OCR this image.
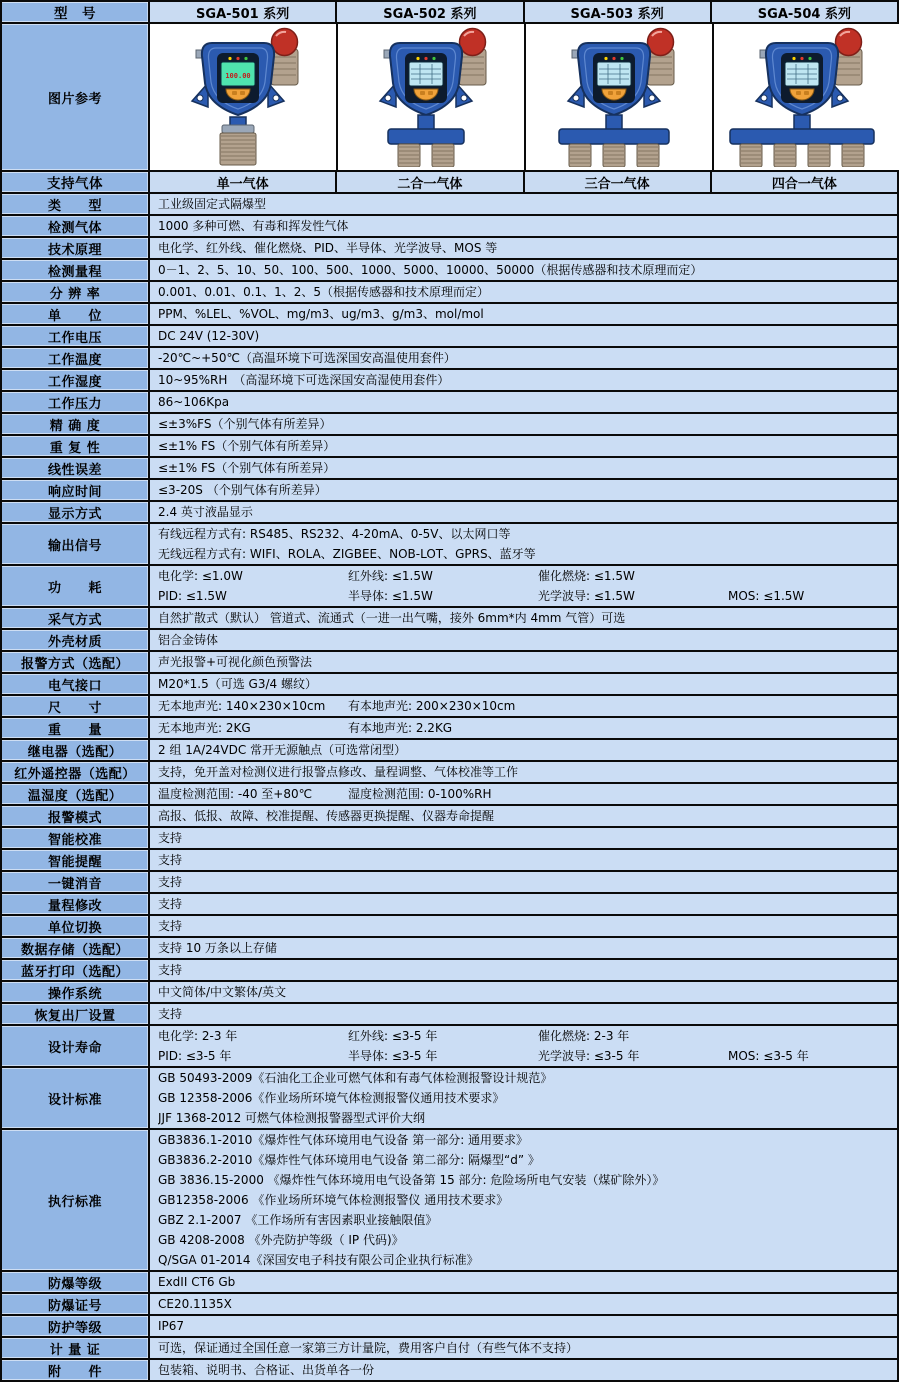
型　号	SGA-501 系列	SGA-502 系列	SGA-503 系列	SGA-504 系列
图片参考
100.00
支持气体	单一气体	二合一气体	三合一气体	四合一气体
类　　型	工业级固定式隔爆型
检测气体	1000 多种可燃、有毒和挥发性气体
技术原理	电化学、红外线、催化燃烧、PID、半导体、光学波导、MOS 等
检测量程	0－1、2、5、10、50、100、500、1000、5000、10000、50000（根据传感器和技术原理而定）
分 辨 率	0.001、0.01、0.1、1、2、5（根据传感器和技术原理而定）
单　　位	PPM、%LEL、%VOL、mg/m3、ug/m3、g/m3、mol/mol
工作电压	DC 24V (12-30V)
工作温度	-20℃~+50℃（高温环境下可选深国安高温使用套件）
工作湿度	10~95%RH　（高湿环境下可选深国安高湿使用套件）
工作压力	86~106Kpa
精 确 度	≤±3%FS（个别气体有所差异）
重 复 性	≤±1% FS（个别气体有所差异）
线性误差	≤±1% FS（个别气体有所差异）
响应时间	≤3-20S （个别气体有所差异）
显示方式	2.4 英寸液晶显示
输出信号
有线远程方式有: RS485、RS232、4-20mA、0-5V、以太网口等
无线远程方式有: WIFI、ROLA、ZIGBEE、NOB-LOT、GPRS、蓝牙等
功　　耗
电化学: ≤1.0W	红外线: ≤1.5W	催化燃烧: ≤1.5W
PID: ≤1.5W	半导体: ≤1.5W	光学波导: ≤1.5W	MOS: ≤1.5W
采气方式	自然扩散式（默认） 管道式、流通式（一进一出气嘴，接外 6mm*内 4mm 气管）可选
外壳材质	铝合金铸体
报警方式（选配）	声光报警+可视化颜色预警法
电气接口	M20*1.5（可选 G3/4 螺纹）
尺　　寸	无本地声光: 140×230×10cm 有本地声光: 200×230×10cm
重　　量	无本地声光: 2KG	有本地声光: 2.2KG
继电器（选配）	2 组 1A/24VDC 常开无源触点（可选常闭型）
红外遥控器（选配）	支持，免开盖对检测仪进行报警点修改、量程调整、气体校准等工作
温湿度（选配）	温度检测范围: -40 至+80℃	湿度检测范围: 0-100%RH
报警模式	高报、低报、故障、校准提醒、传感器更换提醒、仪器寿命提醒
智能校准	支持
智能提醒	支持
一键消音	支持
量程修改	支持
单位切换	支持
数据存储（选配）	支持 10 万条以上存储
蓝牙打印（选配）	支持
操作系统	中文简体/中文繁体/英文
恢复出厂设置	支持
设计寿命
电化学: 2-3 年	红外线: ≤3-5 年	催化燃烧: 2-3 年
PID: ≤3-5 年	半导体: ≤3-5 年	光学波导: ≤3-5 年	MOS: ≤3-5 年
设计标准
GB 50493-2009《石油化工企业可燃气体和有毒气体检测报警设计规范》
GB 12358-2006《作业场所环境气体检测报警仪通用技术要求》
JJF 1368-2012 可燃气体检测报警器型式评价大纲
执行标准
GB3836.1-2010《爆炸性气体环境用电气设备 第一部分: 通用要求》
GB3836.2-2010《爆炸性气体环境用电气设备 第二部分: 隔爆型“d” 》
GB 3836.15-2000 《爆炸性气体环境用电气设备第 15 部分: 危险场所电气安装（煤矿除外）》
GB12358-2006 《作业场所环境气体检测报警仪 通用技术要求》
GBZ 2.1-2007 《工作场所有害因素职业接触限值》
GB 4208-2008 《外壳防护等级（ IP 代码)》
Q/SGA 01-2014《深国安电子科技有限公司企业执行标准》
防爆等级	ExdII CT6 Gb
防爆证号	CE20.1135X
防护等级	IP67
计 量 证	可选，保证通过全国任意一家第三方计量院，费用客户自付（有些气体不支持）
附　　件	包装箱、说明书、合格证、出货单各一份
